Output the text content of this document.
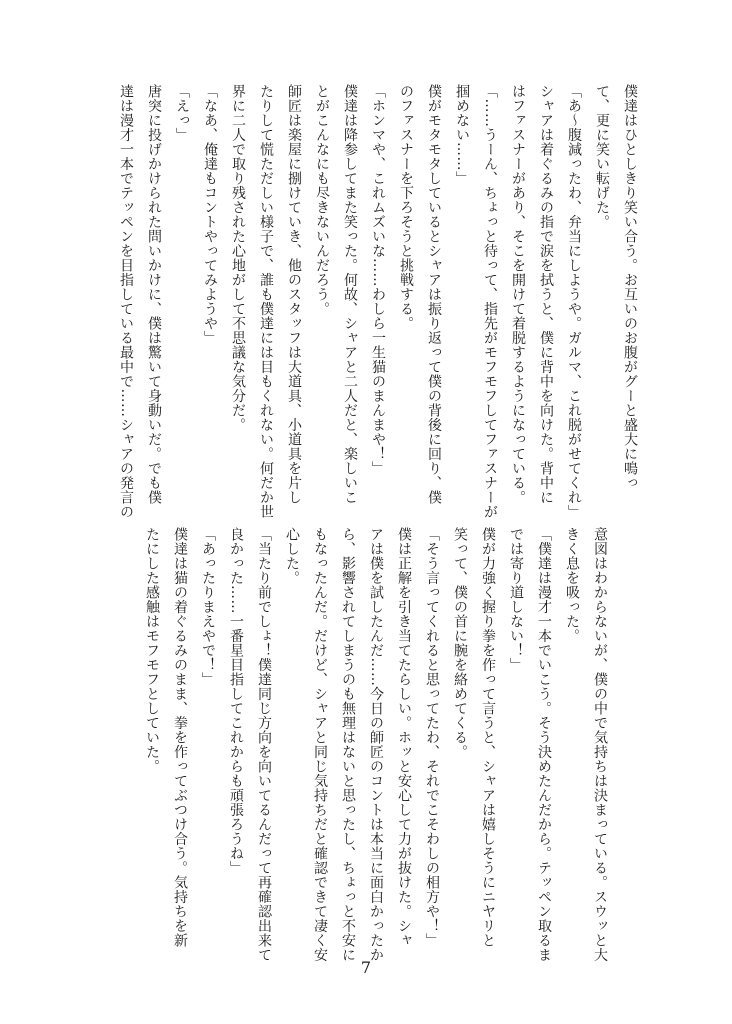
僕達はひとしきり笑い合う。お互いのお腹がグーと盛大に鳴っ
て、更に笑い転げた。
「あ〜腹減ったわ、弁当にしようや。ガルマ、これ脱がせてくれ」
シャアは着ぐるみの指で涙を拭うと、僕に背中を向けた。背中に
はファスナーがあり、そこを開けて着脱するようになっている。
「……うーん、ちょっと待って、指先がモフモフしてファスナーが
掴めない……」
僕がモタモタしているとシャアは振り返って僕の背後に回り、僕
のファスナーを下ろそうと挑戦する。
「ホンマや、これムズいな……わしら一生猫のまんまや！」
僕達は降参してまた笑った。何故、シャアと二人だと、楽しいこ
とがこんなにも尽きないんだろう。
師匠は楽屋に捌けていき、他のスタッフは大道具、小道具を片し
たりして慌ただしい様子で、誰も僕達には目もくれない。何だか世
界に二人で取り残された心地がして不思議な気分だ。
「なあ、俺達もコントやってみようや」
「えっ」
唐突に投げかけられた問いかけに、僕は驚いて身動いだ。でも僕
達は漫才一本でテッペンを目指している最中で……シャアの発言の
意図はわからないが、僕の中で気持ちは決まっている。スウッと大
きく息を吸った。
「僕達は漫才一本でいこう。そう決めたんだから。テッペン取るま
では寄り道しない！」
僕が力強く握り拳を作って言うと、シャアは嬉しそうにニヤリと
笑って、僕の首に腕を絡めてくる。
「そう言ってくれると思ってたわ、それでこそわしの相方や！」
僕は正解を引き当てたらしい。ホッと安心して力が抜けた。シャ
アは僕を試したんだ……今日の師匠のコントは本当に面白かったか
ら、影響されてしまうのも無理はないと思ったし、ちょっと不安に
もなったんだ。だけど、シャアと同じ気持ちだと確認できて凄く安
心した。
「当たり前でしょ！僕達同じ方向を向いてるんだって再確認出来て
良かった……一番星目指してこれからも頑張ろうね」
「あったりまえやで！」
僕達は猫の着ぐるみのまま、拳を作ってぶつけ合う。気持ちを新
たにした感触はモフモフとしていた。
7
